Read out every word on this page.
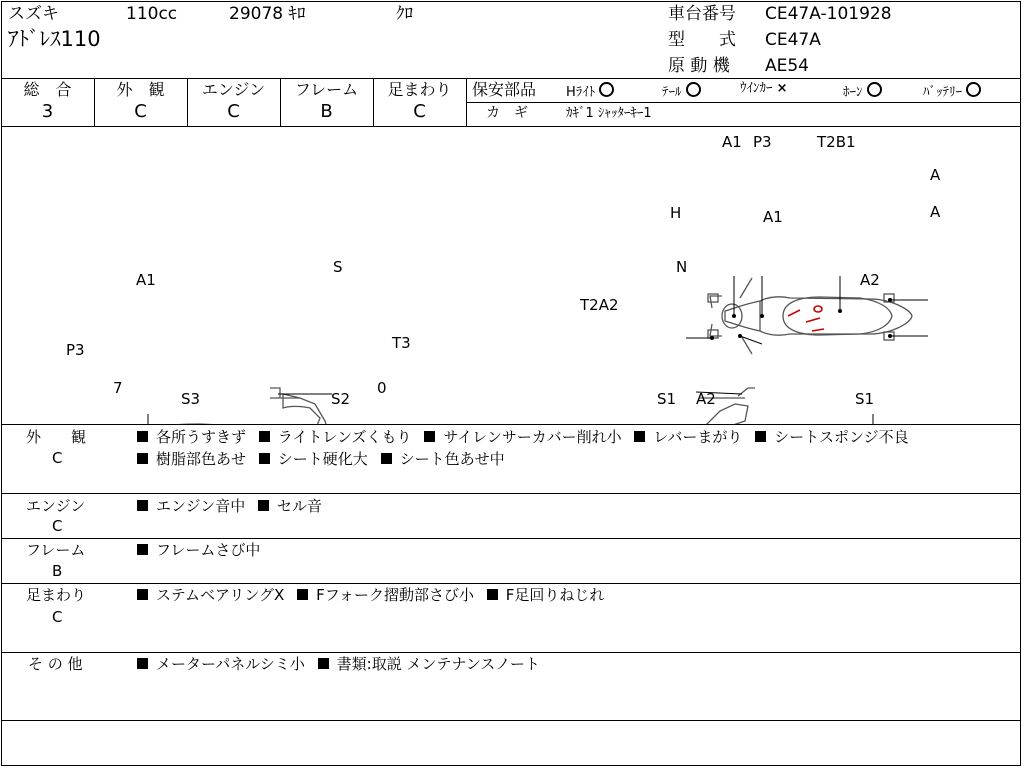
スズキ	110cc	29078 ｷﾛ	ｸﾛ
ｱﾄﾞﾚｽ110
車台番号 CE47A-101928
型　　式 CE47A
原 動 機 AE54
総　合	外　観	エンジン	フレーム	足まわり
3	C	C	B	C
保安部品 Hﾗｲﾄ	ﾃｰﾙ	ｳｲﾝｶｰ ×	ﾎｰﾝ	ﾊﾞｯﾃﾘｰ
カ　ギ	ｶｷﾞ1 ｼｬｯﾀｰｷｰ1
A1 P3	T2B1
A
A
H	A1
A1
S
P3	T3
7	0
S3	S2
N
A2
T2A2
S1 A2	S1
外　　観
C
各所うすきず ライトレンズくもり サイレンサーカバー削れ小 レバーまがり シートスポンジ不良
樹脂部色あせ シート硬化大 シート色あせ中
エンジン
C
エンジン音中 セル音
フレーム
B
フレームさび中
足まわり
C
ステムベアリングX Fフォーク摺動部さび小 F足回りねじれ
そ の 他	メーターパネルシミ小 書類:取説 メンテナンスノート
